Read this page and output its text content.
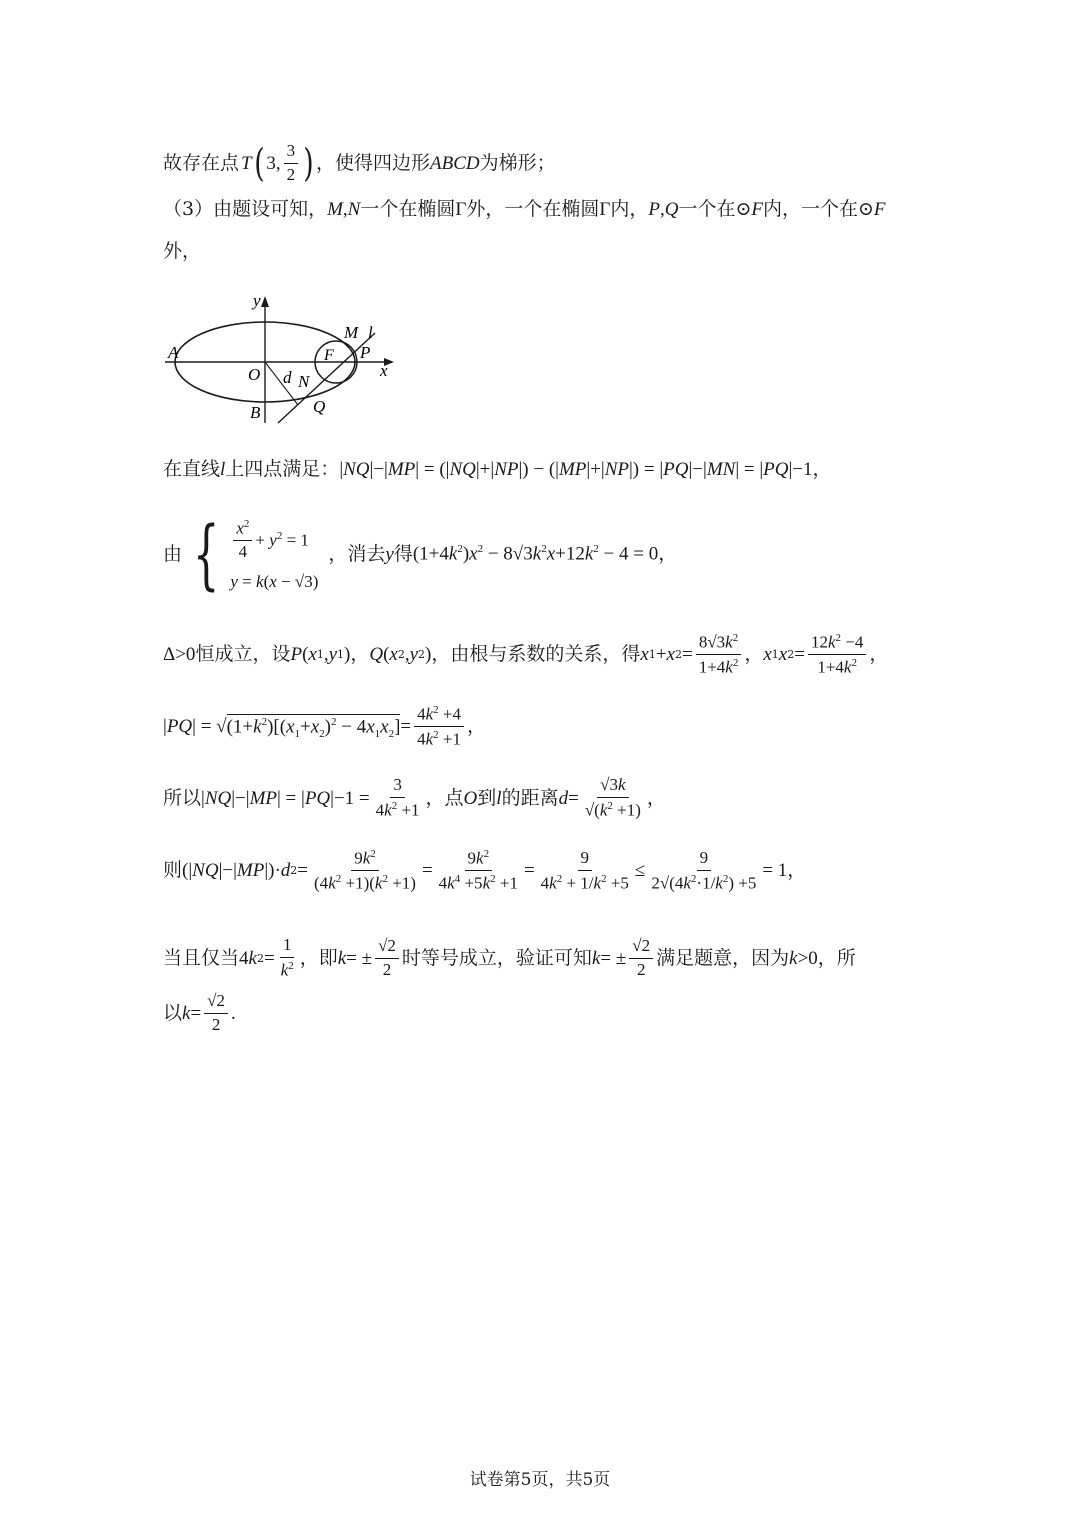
故存在点 T ( 3, $\frac{3}{2}$ ) ，使得四边形 ABCD 为梯形；
（3）由题设可知， M , N 一个在椭圆 Γ 外，一个在椭圆 Γ 内， P , Q 一个在⊙ F 内，一个在⊙ F
外，
y
x
A
O
B
F
M l
P
d N
Q
在直线 l 上四点满足： | NQ |−| MP | = (| NQ |+| NP |) − (| MP |+| NP |) = | PQ |−| MN | = | PQ |−1，
由 { $\frac{x^2}{4} + y^2 = 1$
y = k(x − √3)
，消去 y 得 $(1+4k^2)x^2 - 8√3k^2x+12k^2 - 4 = 0$，
Δ>0 恒成立，设 P ( x 1 , y 1 )， Q ( x 2 , y 2 )， 由根与系数的关系，得 x 1 + x $2 = \frac{8√3k^2}{1+4k^2}$ ， x 1 x $2 = \frac{12k^2 -4}{1+4k^2}$ ，
| PQ | = √ $(1+k^2)[(x_1+x_2)^2 - 4x_1x_2] = \frac{4k^2 +4}{4k^2 +1}$ ，
所以 | NQ |−| MP | = | PQ $|-1 = \frac{3}{4k^2 +1}$ ，点 O 到 l 的距离 $d = \frac{√3k}{√(k^2 +1)}$ ，
则 (| NQ |−| MP |)· d $2 = \frac{9k^2}{(4k^2 +1)(k^2 +1)} = \frac{9k^2}{4k^4 +5k^2 +1} = \frac{9}{4k^2 + 1/k^2 +5} \le \frac{9}{2√(4k^2\cdot 1/k^2) +5} = 1$，
当且仅当 4 k $2 = \frac{1}{k^2}$ ，即 k = ± $\frac{√2}{2}$ 时等号成立，验证可知 k = ± $\frac{√2}{2}$ 满足题意，因为 k >0 ，所
以 $k = \frac{√2}{2}$ .
试卷第5页，共5页
